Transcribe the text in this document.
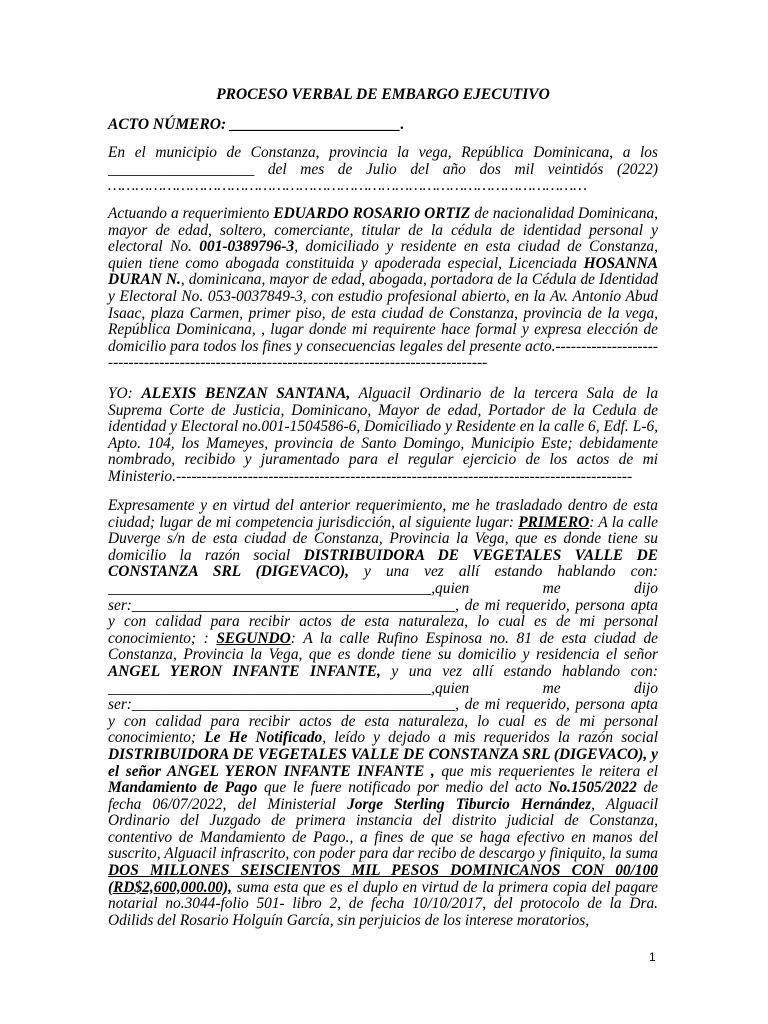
PROCESO VERBAL DE EMBARGO EJECUTIVO
ACTO NÚMERO: ______________________.
En el municipio de Constanza, provincia la vega, República Dominicana, a los ___________________ del mes de Julio del año dos mil veintidós (2022) ……………………………………………………………………………………………
Actuando a requerimiento EDUARDO ROSARIO ORTIZ de nacionalidad Dominicana, mayor de edad, soltero, comerciante, titular de la cédula de identidad personal y electoral No. 001-0389796-3, domiciliado y residente en esta ciudad de Constanza, quien tiene como abogada constituida y apoderada especial, Licenciada HOSANNA DURAN N., dominicana, mayor de edad, abogada, portadora de la Cédula de Identidad y Electoral No. 053-0037849-3, con estudio profesional abierto, en la Av. Antonio Abud Isaac, plaza Carmen, primer piso, de esta ciudad de Constanza, provincia de la vega, República Dominicana, , lugar donde mi requirente hace formal y expresa elección de domicilio para todos los fines y consecuencias legales del presente acto.----------------------------------------------------------------------------------------------
YO: ALEXIS BENZAN SANTANA, Alguacil Ordinario de la tercera Sala de la Suprema Corte de Justicia, Dominicano, Mayor de edad, Portador de la Cedula de identidad y Electoral no.001-1504586-6, Domiciliado y Residente en la calle 6, Edf. L-6, Apto. 104, los Mameyes, provincia de Santo Domingo, Municipio Este; debidamente nombrado, recibido y juramentado para el regular ejercicio de los actos de mi Ministerio.-----------------------------------------------------------------------------------------
Expresamente y en virtud del anterior requerimiento, me he trasladado dentro de esta ciudad; lugar de mi competencia jurisdicción, al siguiente lugar: PRIMERO: A la calle Duverge s/n de esta ciudad de Constanza, Provincia la Vega, que es donde tiene su domicilio la razón social DISTRIBUIDORA DE VEGETALES VALLE DE CONSTANZA SRL (DIGEVACO), y una vez allí estando hablando con: __________________________________________,quien me dijo ser:__________________________________________, de mi requerido, persona apta y con calidad para recibir actos de esta naturaleza, lo cual es de mi personal conocimiento; : SEGUNDO: A la calle Rufino Espinosa no. 81 de esta ciudad de Constanza, Provincia la Vega, que es donde tiene su domicilio y residencia el señor ANGEL YERON INFANTE INFANTE, y una vez allí estando hablando con: __________________________________________,quien me dijo ser:__________________________________________, de mi requerido, persona apta y con calidad para recibir actos de esta naturaleza, lo cual es de mi personal conocimiento; Le He Notificado, leído y dejado a mis requeridos la razón social DISTRIBUIDORA DE VEGETALES VALLE DE CONSTANZA SRL (DIGEVACO), y el señor ANGEL YERON INFANTE INFANTE , que mis requerientes le reitera el Mandamiento de Pago que le fuere notificado por medio del acto No.1505/2022 de fecha 06/07/2022, del Ministerial Jorge Sterling Tiburcio Hernández, Alguacil Ordinario del Juzgado de primera instancia del distrito judicial de Constanza, contentivo de Mandamiento de Pago., a fines de que se haga efectivo en manos del suscrito, Alguacil infrascrito, con poder para dar recibo de descargo y finiquito, la suma DOS MILLONES SEISCIENTOS MIL PESOS DOMINICANOS CON 00/100 (RD$2,600,000.00), suma esta que es el duplo en virtud de la primera copia del pagare notarial no.3044-folio 501- libro 2, de fecha 10/10/2017, del protocolo de la Dra. Odilids del Rosario Holguín García, sin perjuicios de los interese moratorios,
1
